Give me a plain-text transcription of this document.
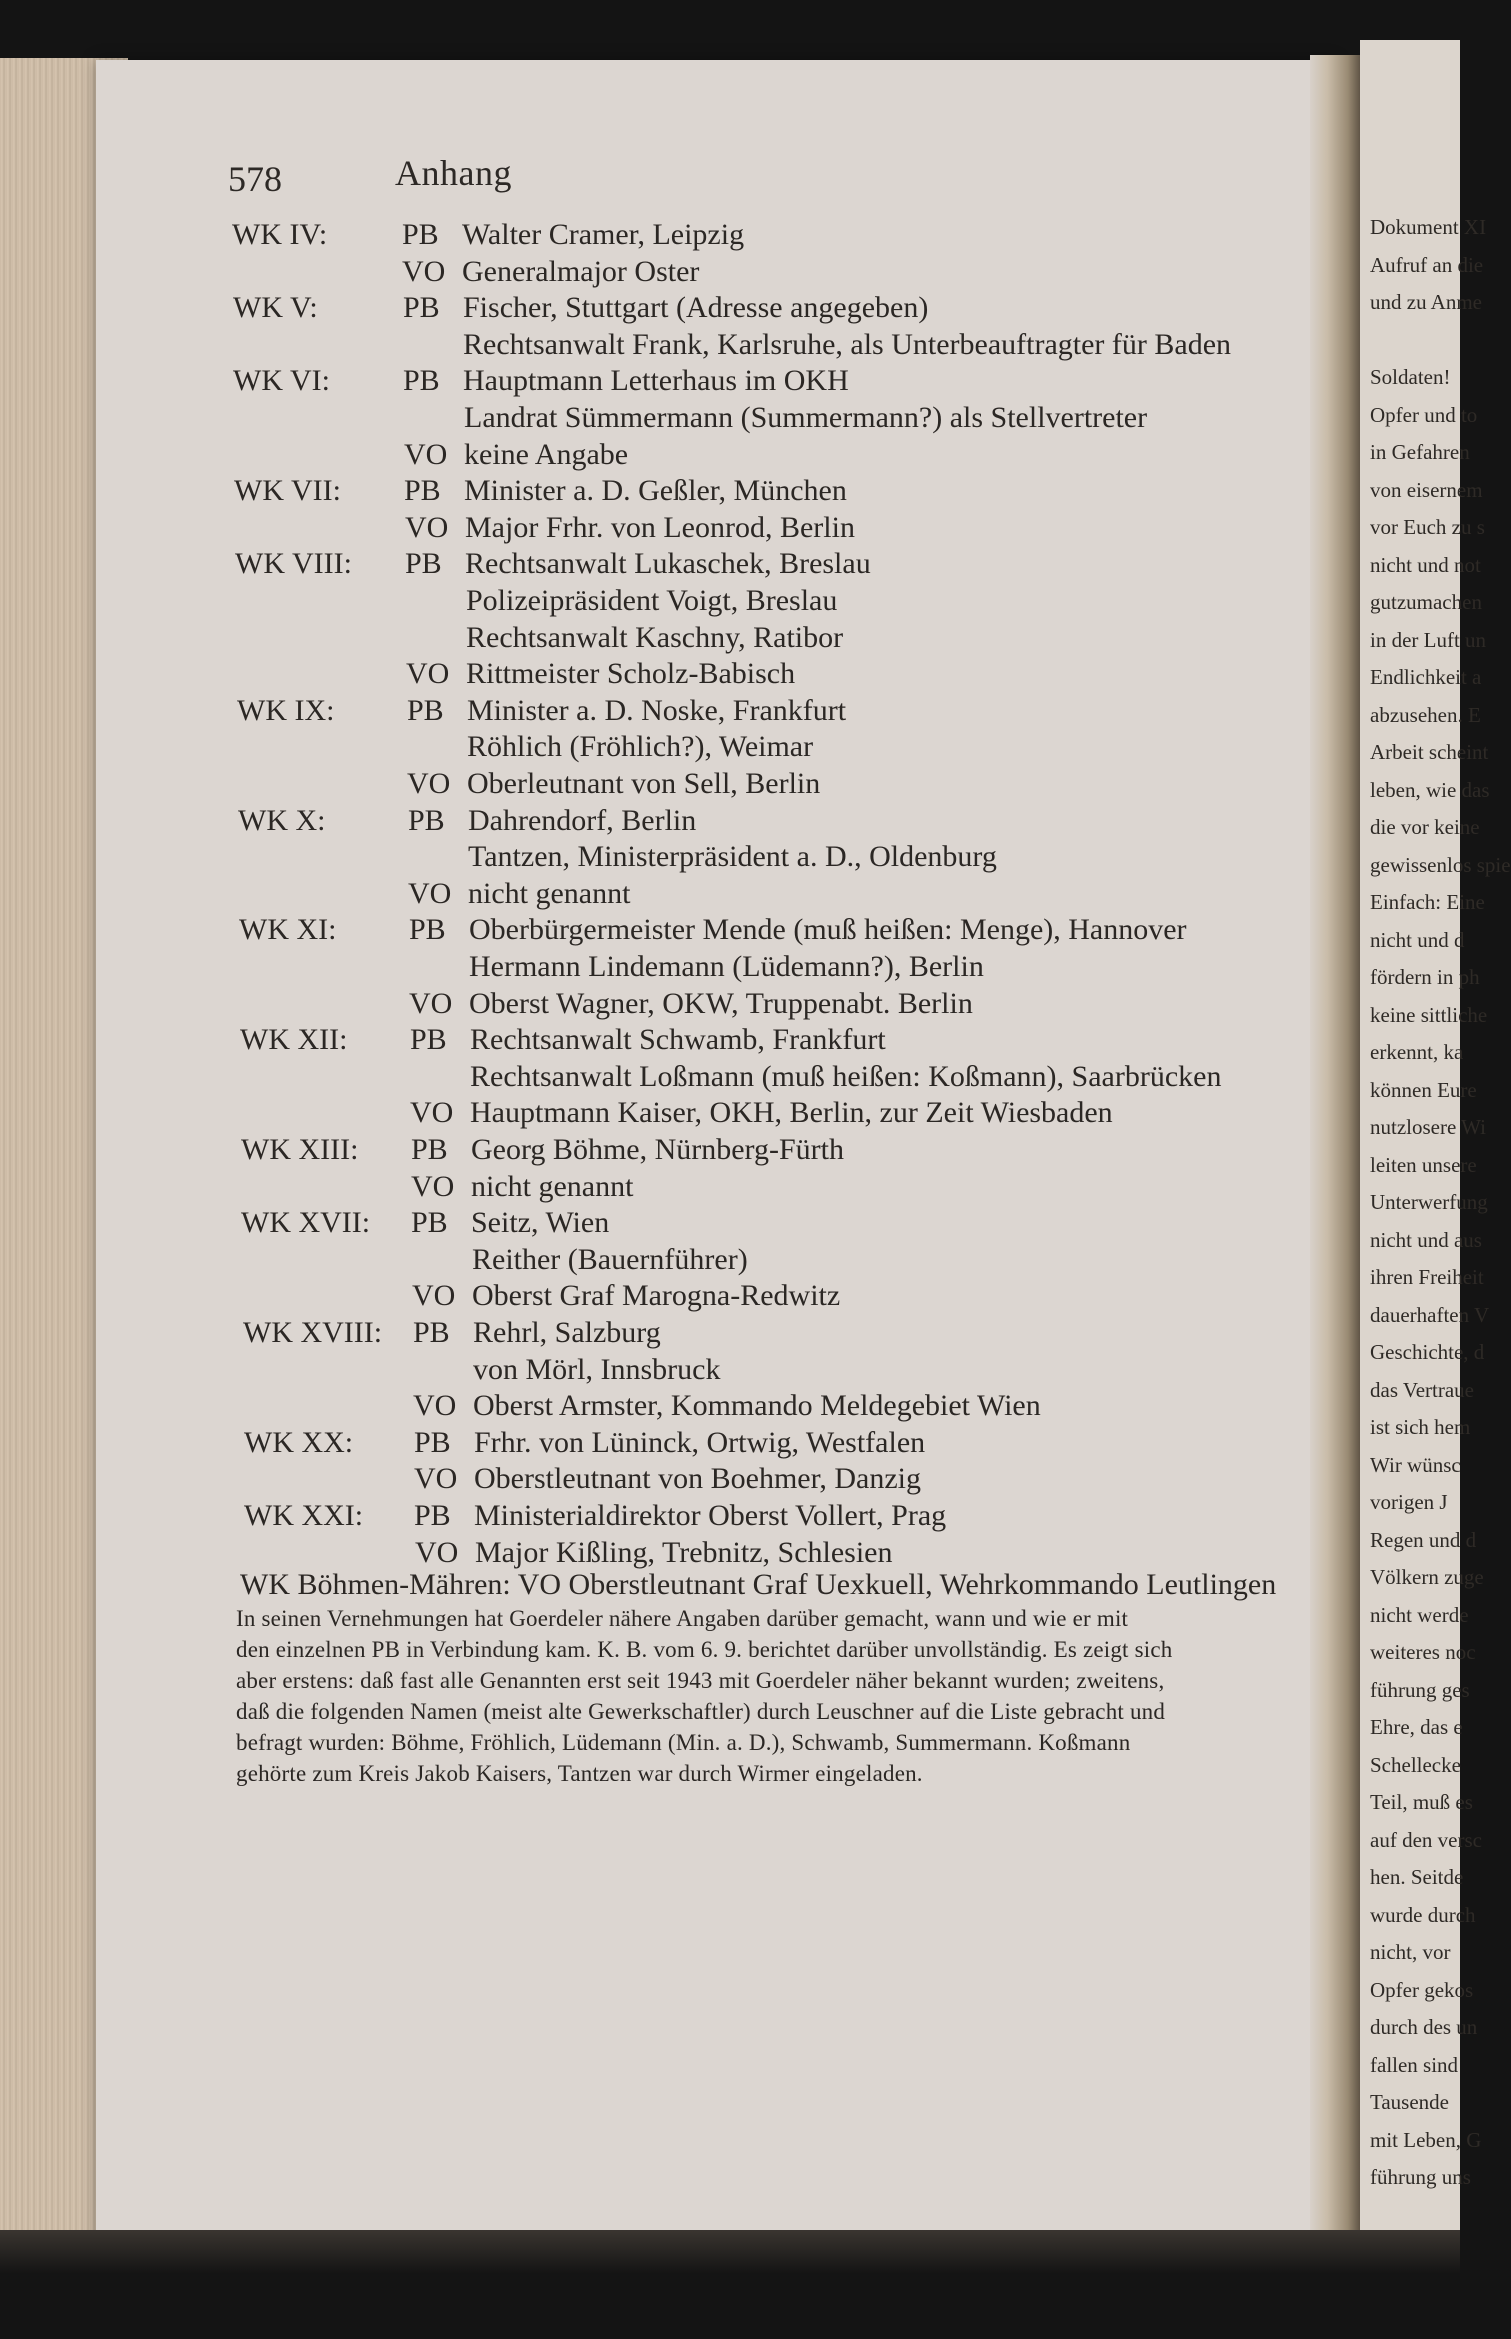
Dokument XI
Aufruf an die
und zu Anme
Soldaten!
Opfer und to
in Gefahren
von eisernem
vor Euch zu s
nicht und not
gutzumachen
in der Luft un
Endlichkeit a
abzusehen. E
Arbeit scheint
leben, wie das
die vor keine
gewissenlos spie
Einfach: Eine
nicht und d
fördern in ph
keine sittliche
erkennt, ka
können Eure
nutzlosere Wi
leiten unsere
Unterwerfung
nicht und aus
ihren Freiheit
dauerhaften V
Geschichte, d
das Vertraue
ist sich hem
Wir wünsc
vorigen J
Regen und d
Völkern zuge
nicht werde
weiteres noc
führung ges
Ehre, das e
Schellecke
Teil, muß es
auf den versc
hen. Seitde
wurde durch
nicht, vor
Opfer gekos
durch des un
fallen sind
Tausende
mit Leben, G
führung uns
578	Anhang
WK IV: PB Walter Cramer, Leipzig
VO Generalmajor Oster
WK V:	PB Fischer, Stuttgart (Adresse angegeben)
Rechtsanwalt Frank, Karlsruhe, als Unterbeauftragter für Baden
WK VI: PB Hauptmann Letterhaus im OKH
Landrat Sümmermann (Summermann?) als Stellvertreter
VO keine Angabe
WK VII: PB Minister a. D. Geßler, München
VO Major Frhr. von Leonrod, Berlin
WK VIII: PB Rechtsanwalt Lukaschek, Breslau
Polizeipräsident Voigt, Breslau
Rechtsanwalt Kaschny, Ratibor
VO Rittmeister Scholz-Babisch
WK IX: PB Minister a. D. Noske, Frankfurt
Röhlich (Fröhlich?), Weimar
VO Oberleutnant von Sell, Berlin
WK X:	PB Dahrendorf, Berlin
Tantzen, Ministerpräsident a. D., Oldenburg
VO nicht genannt
WK XI: PB Oberbürgermeister Mende (muß heißen: Menge), Hannover
Hermann Lindemann (Lüdemann?), Berlin
VO Oberst Wagner, OKW, Truppenabt. Berlin
WK XII: PB Rechtsanwalt Schwamb, Frankfurt
Rechtsanwalt Loßmann (muß heißen: Koßmann), Saarbrücken
VO Hauptmann Kaiser, OKH, Berlin, zur Zeit Wiesbaden
WK XIII: PB Georg Böhme, Nürnberg-Fürth
VO nicht genannt
WK XVII: PB Seitz, Wien
Reither (Bauernführer)
VO Oberst Graf Marogna-Redwitz
WK XVIII: PB Rehrl, Salzburg
von Mörl, Innsbruck
VO Oberst Armster, Kommando Meldegebiet Wien
WK XX: PB Frhr. von Lüninck, Ortwig, Westfalen
VO Oberstleutnant von Boehmer, Danzig
WK XXI: PB Ministerialdirektor Oberst Vollert, Prag
VO Major Kißling, Trebnitz, Schlesien
WK Böhmen-Mähren: VO Oberstleutnant Graf Uexkuell, Wehrkommando Leutlingen
In seinen Vernehmungen hat Goerdeler nähere Angaben darüber gemacht, wann und wie er mit
den einzelnen PB in Verbindung kam. K. B. vom 6. 9. berichtet darüber unvollständig. Es zeigt sich
aber erstens: daß fast alle Genannten erst seit 1943 mit Goerdeler näher bekannt wurden; zweitens,
daß die folgenden Namen (meist alte Gewerkschaftler) durch Leuschner auf die Liste gebracht und
befragt wurden: Böhme, Fröhlich, Lüdemann (Min. a. D.), Schwamb, Summermann. Koßmann
gehörte zum Kreis Jakob Kaisers, Tantzen war durch Wirmer eingeladen.
